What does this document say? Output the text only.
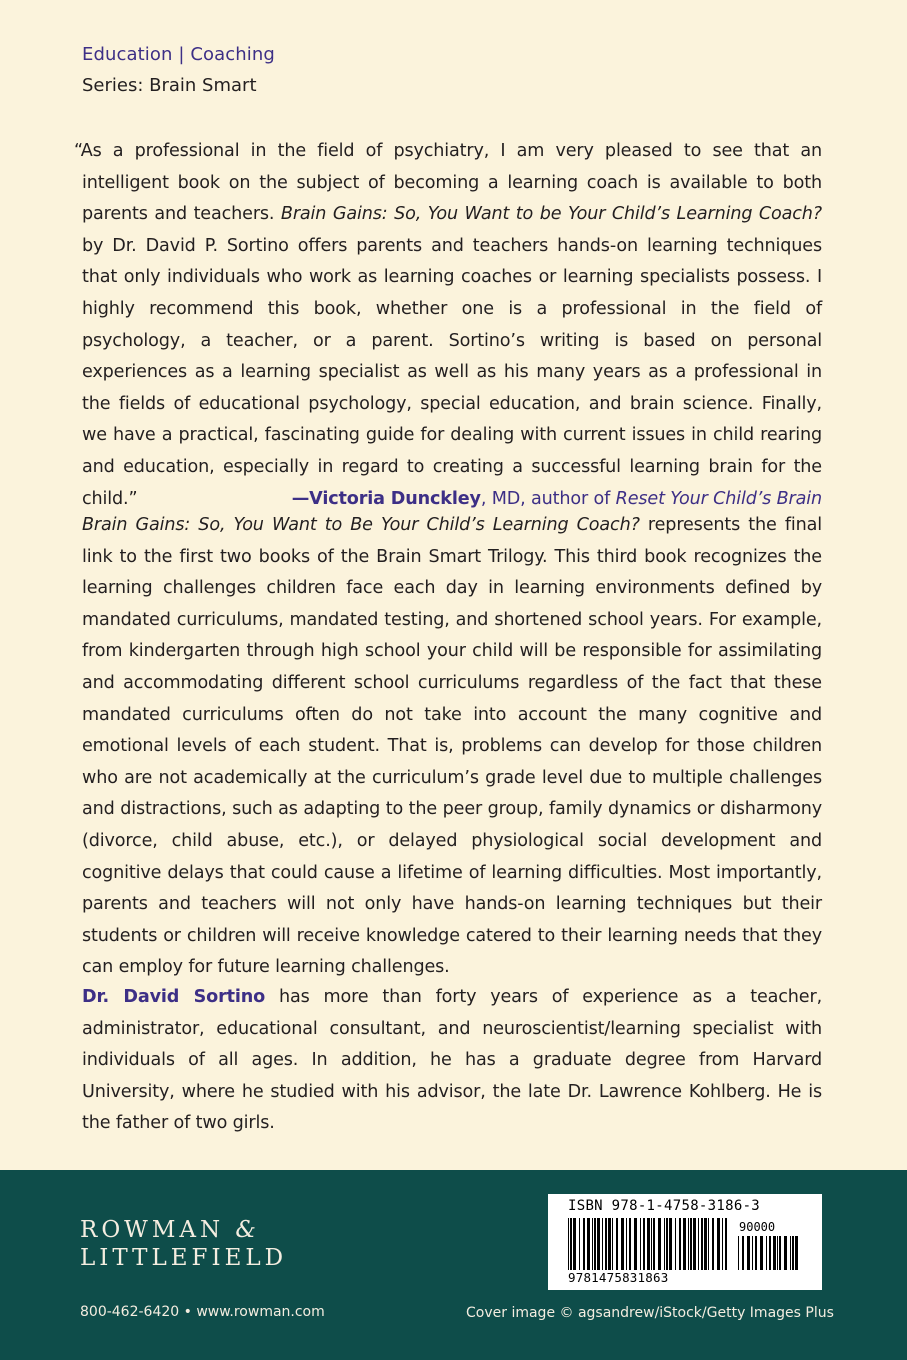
Education | Coaching
Series: Brain Smart
“As a professional in the field of psychiatry, I am very pleased to see that an intelligent book on the subject of becoming a learning coach is available to both parents and teachers. Brain Gains: So, You Want to be Your Child’s Learning Coach? by Dr. David P. Sortino offers parents and teachers hands-on learning techniques that only individuals who work as learning coaches or learning specialists possess. I highly recommend this book, whether one is a professional in the field of psychology, a teacher, or a parent. Sortino’s writing is based on personal experiences as a learning specialist as well as his many years as a professional in the fields of educational psychology, special education, and brain science. Finally, we have a practical, fascinating guide for dealing with current issues in child rearing and education, especially in regard to creating a successful learning brain for the child.”	—Victoria Dunckley, MD, author of Reset Your Child’s Brain
Brain Gains: So, You Want to Be Your Child’s Learning Coach? represents the final link to the first two books of the Brain Smart Trilogy. This third book recognizes the learning challenges children face each day in learning environments defined by mandated curriculums, mandated testing, and shortened school years. For example, from kindergarten through high school your child will be responsible for assimilating and accommodating different school curriculums regardless of the fact that these mandated curriculums often do not take into account the many cognitive and emotional levels of each student. That is, problems can develop for those children who are not academically at the curriculum’s grade level due to multiple challenges and distractions, such as adapting to the peer group, family dynamics or disharmony (divorce, child abuse, etc.), or delayed physiological social development and cognitive delays that could cause a lifetime of learning difficulties. Most importantly, parents and teachers will not only have hands-on learning techniques but their students or children will receive knowledge catered to their learning needs that they can employ for future learning challenges.
Dr. David Sortino has more than forty years of experience as a teacher, administrator, educational consultant, and neuroscientist/learning specialist with individuals of all ages. In addition, he has a graduate degree from Harvard University, where he studied with his advisor, the late Dr. Lawrence Kohlberg. He is the father of two girls.
ROWMAN &
LITTLEFIELD
800-462-6420 • www.rowman.com
ISBN 978-1-4758-3186-3
90000
9781475831863
Cover image © agsandrew/iStock/Getty Images Plus
